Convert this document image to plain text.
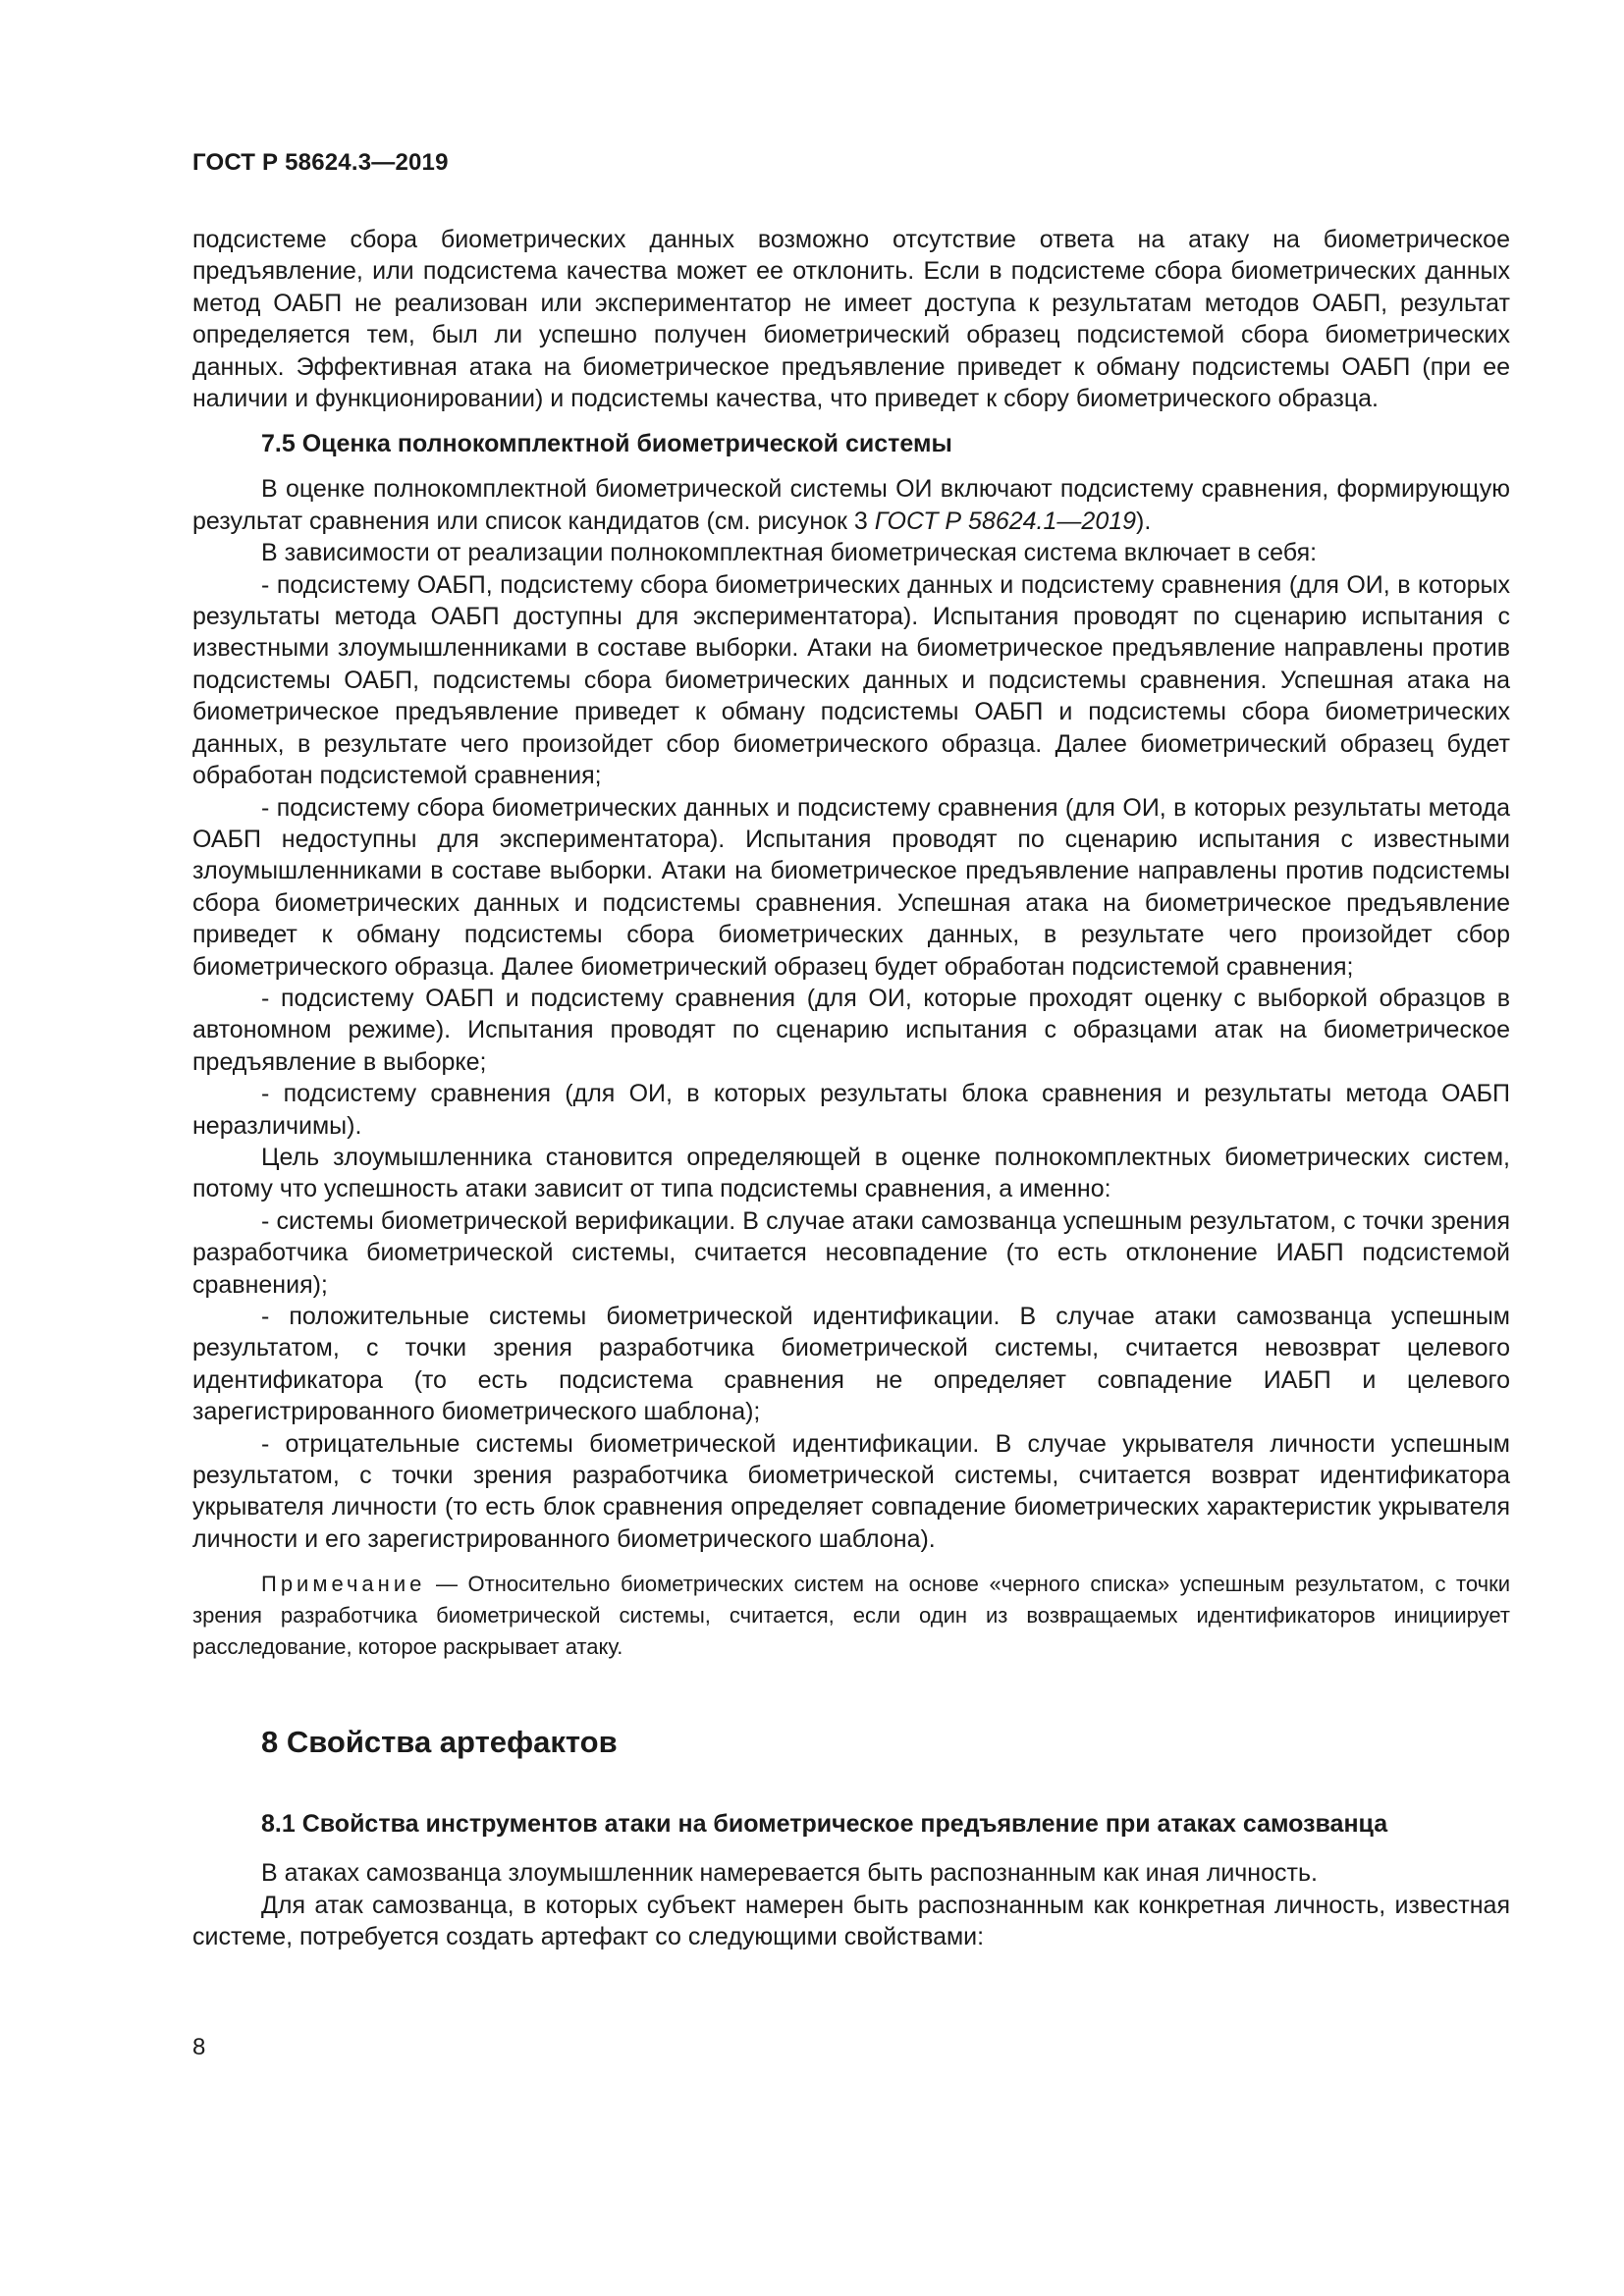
ГОСТ Р 58624.3—2019

подсистеме сбора биометрических данных возможно отсутствие ответа на атаку на биометрическое предъявление, или подсистема качества может ее отклонить. Если в подсистеме сбора биометрических данных метод ОАБП не реализован или экспериментатор не имеет доступа к результатам методов ОАБП, результат определяется тем, был ли успешно получен биометрический образец подсистемой сбора биометрических данных. Эффективная атака на биометрическое предъявление приведет к обману подсистемы ОАБП (при ее наличии и функционировании) и подсистемы качества, что приведет к сбору биометрического образца.

7.5 Оценка полнокомплектной биометрической системы

В оценке полнокомплектной биометрической системы ОИ включают подсистему сравнения, формирующую результат сравнения или список кандидатов (см. рисунок 3 ГОСТ Р 58624.1—2019).

В зависимости от реализации полнокомплектная биометрическая система включает в себя:

- подсистему ОАБП, подсистему сбора биометрических данных и подсистему сравнения (для ОИ, в которых результаты метода ОАБП доступны для экспериментатора). Испытания проводят по сценарию испытания с известными злоумышленниками в составе выборки. Атаки на биометрическое предъявление направлены против подсистемы ОАБП, подсистемы сбора биометрических данных и подсистемы сравнения. Успешная атака на биометрическое предъявление приведет к обману подсистемы ОАБП и подсистемы сбора биометрических данных, в результате чего произойдет сбор биометрического образца. Далее биометрический образец будет обработан подсистемой сравнения;

- подсистему сбора биометрических данных и подсистему сравнения (для ОИ, в которых результаты метода ОАБП недоступны для экспериментатора). Испытания проводят по сценарию испытания с известными злоумышленниками в составе выборки. Атаки на биометрическое предъявление направлены против подсистемы сбора биометрических данных и подсистемы сравнения. Успешная атака на биометрическое предъявление приведет к обману подсистемы сбора биометрических данных, в результате чего произойдет сбор биометрического образца. Далее биометрический образец будет обработан подсистемой сравнения;

- подсистему ОАБП и подсистему сравнения (для ОИ, которые проходят оценку с выборкой образцов в автономном режиме). Испытания проводят по сценарию испытания с образцами атак на биометрическое предъявление в выборке;

- подсистему сравнения (для ОИ, в которых результаты блока сравнения и результаты метода ОАБП неразличимы).

Цель злоумышленника становится определяющей в оценке полнокомплектных биометрических систем, потому что успешность атаки зависит от типа подсистемы сравнения, а именно:

- системы биометрической верификации. В случае атаки самозванца успешным результатом, с точки зрения разработчика биометрической системы, считается несовпадение (то есть отклонение ИАБП подсистемой сравнения);

- положительные системы биометрической идентификации. В случае атаки самозванца успешным результатом, с точки зрения разработчика биометрической системы, считается невозврат целевого идентификатора (то есть подсистема сравнения не определяет совпадение ИАБП и целевого зарегистрированного биометрического шаблона);

- отрицательные системы биометрической идентификации. В случае укрывателя личности успешным результатом, с точки зрения разработчика биометрической системы, считается возврат идентификатора укрывателя личности (то есть блок сравнения определяет совпадение биометрических характеристик укрывателя личности и его зарегистрированного биометрического шаблона).

Примечание — Относительно биометрических систем на основе «черного списка» успешным результатом, с точки зрения разработчика биометрической системы, считается, если один из возвращаемых идентификаторов инициирует расследование, которое раскрывает атаку.

8 Свойства артефактов
8.1 Свойства инструментов атаки на биометрическое предъявление при атаках самозванца

В атаках самозванца злоумышленник намеревается быть распознанным как иная личность.

Для атак самозванца, в которых субъект намерен быть распознанным как конкретная личность, известная системе, потребуется создать артефакт со следующими свойствами:

8
